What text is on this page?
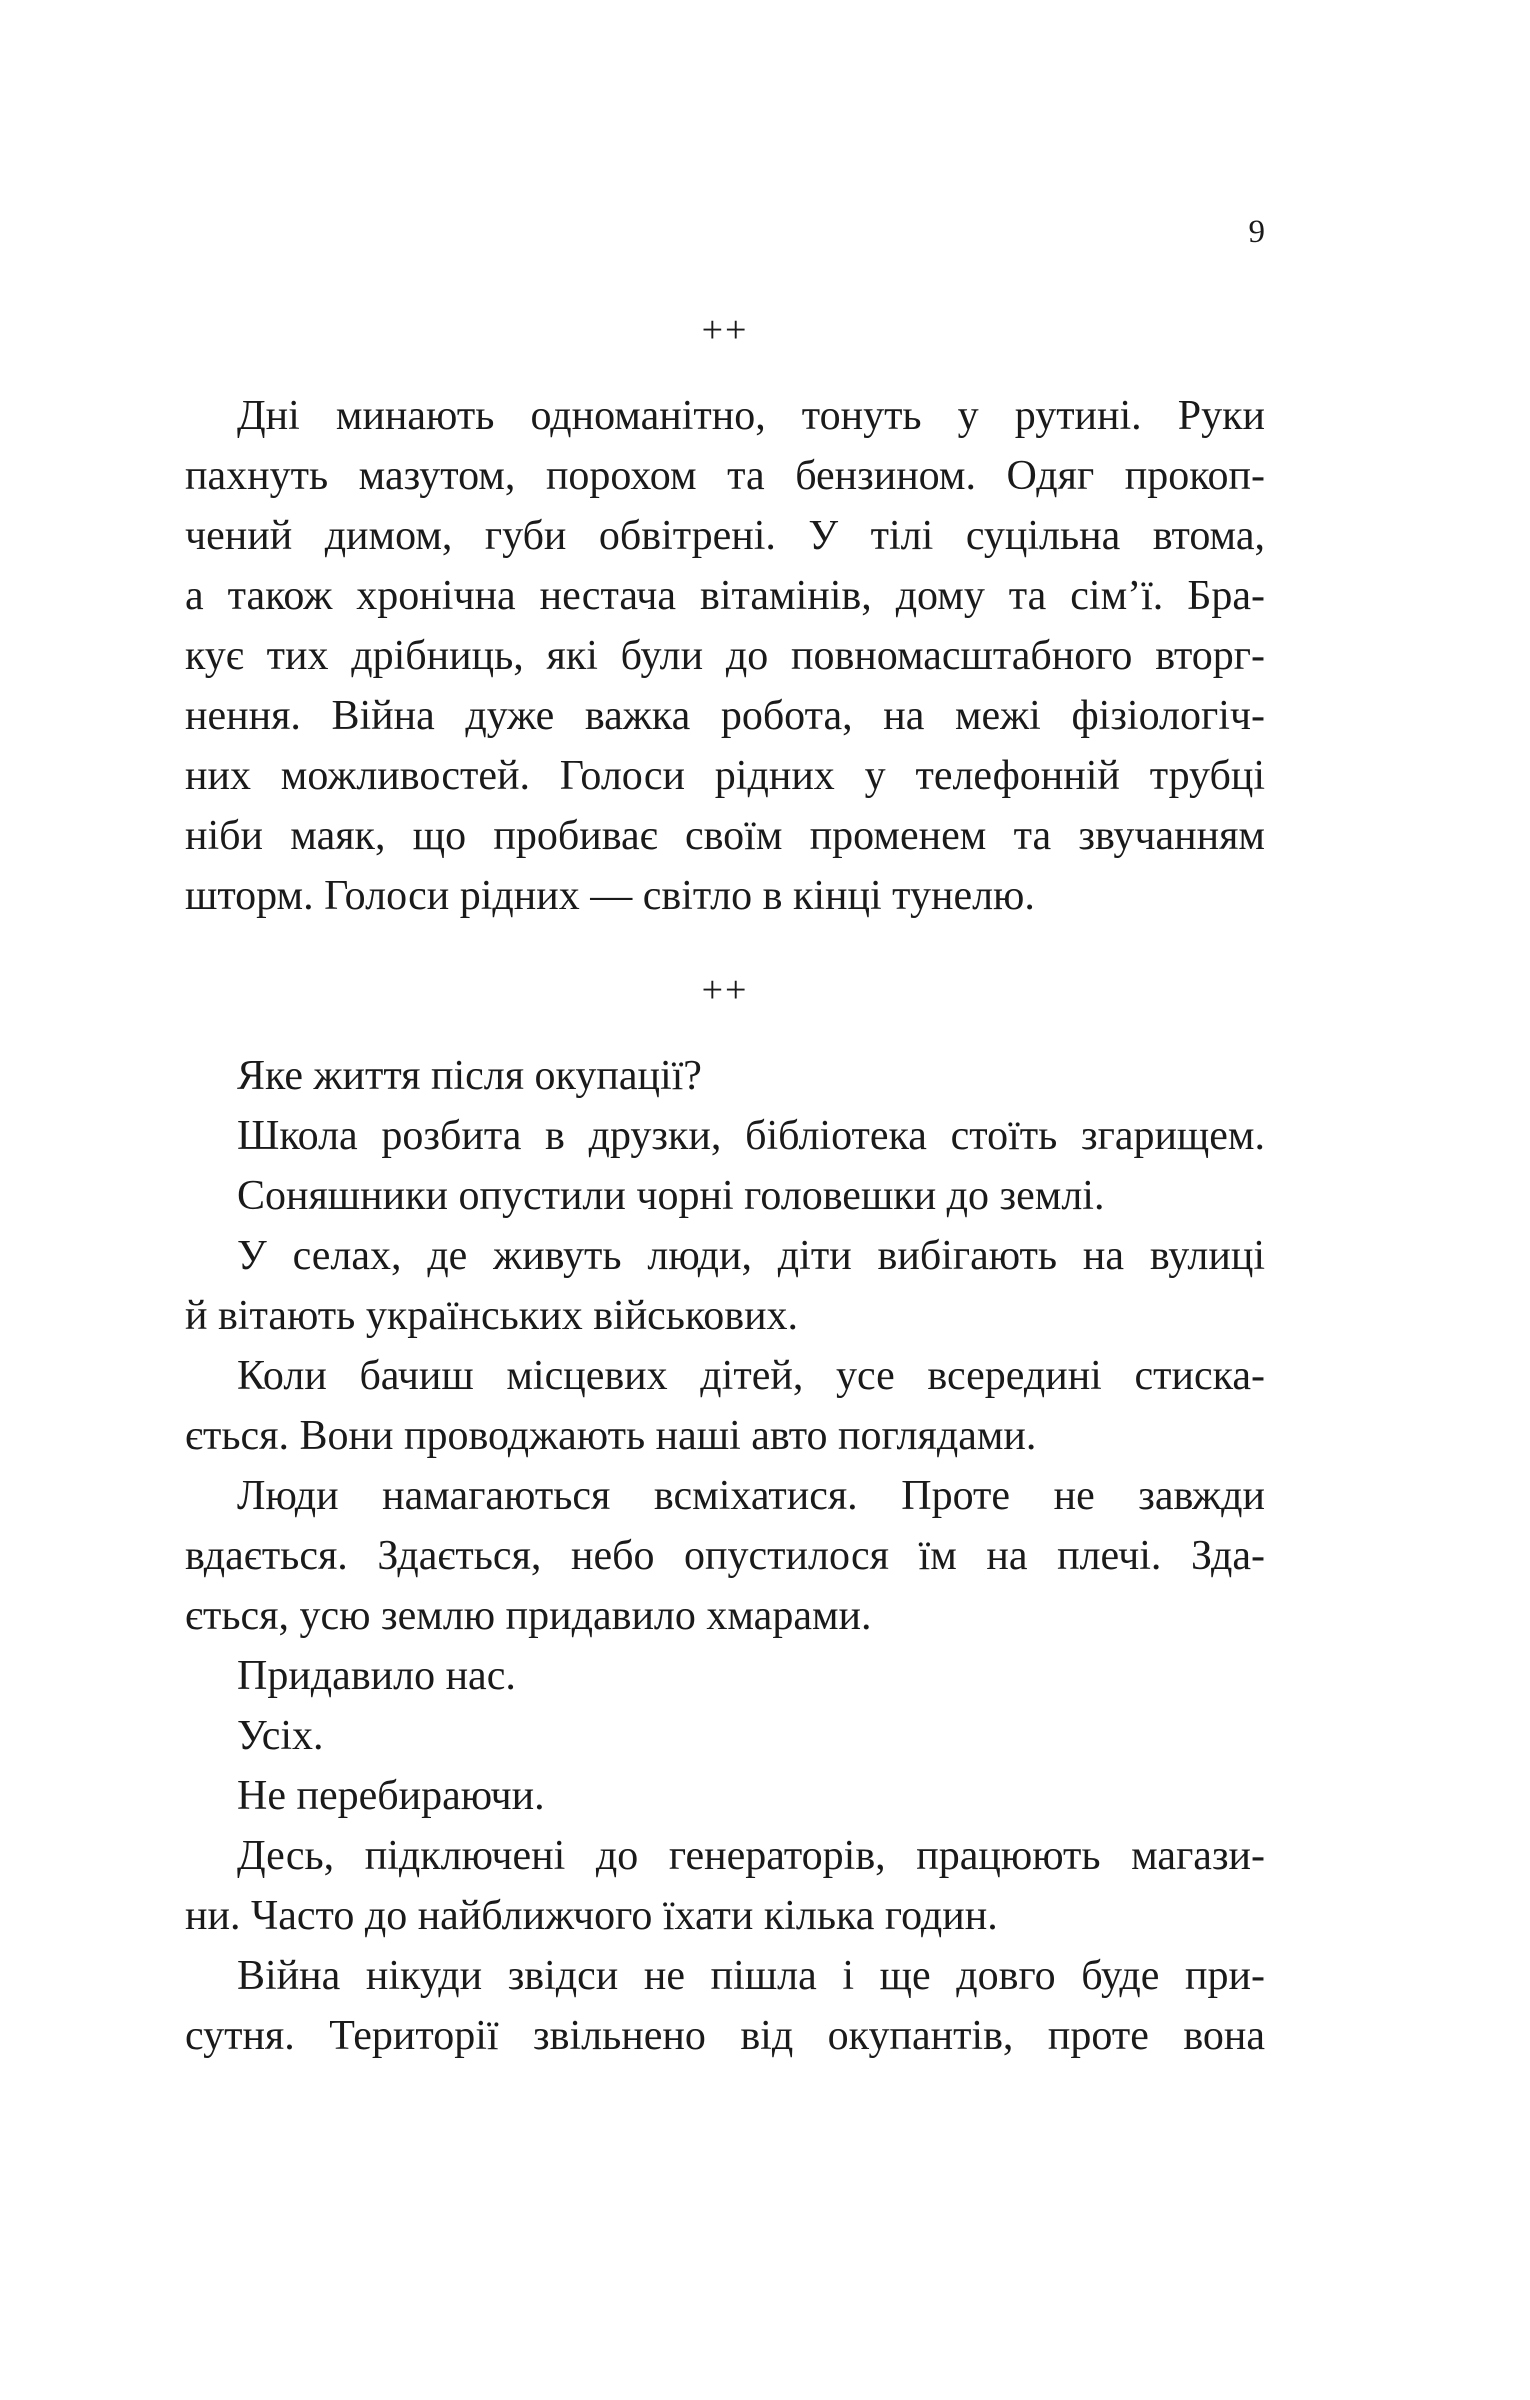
9
++
Дні минають одноманітно, тонуть у рутині. Руки
пахнуть мазутом, порохом та бензином. Одяг прокоп-
чений димом, губи обвітрені. У тілі суцільна втома,
а також хронічна нестача вітамінів, дому та сім’ї. Бра-
кує тих дрібниць, які були до повномасштабного вторг-
нення. Війна дуже важка робота, на межі фізіологіч-
них можливостей. Голоси рідних у телефонній трубці
ніби маяк, що пробиває своїм променем та звучанням
шторм. Голоси рідних — світло в кінці тунелю.
++
Яке життя після окупації?
Школа розбита в друзки, бібліотека стоїть згарищем.
Соняшники опустили чорні головешки до землі.
У селах, де живуть люди, діти вибігають на вулиці
й вітають українських військових.
Коли бачиш місцевих дітей, усе всередині стиска-
ється. Вони проводжають наші авто поглядами.
Люди намагаються всміхатися. Проте не завжди
вдається. Здається, небо опустилося їм на плечі. Зда-
ється, усю землю придавило хмарами.
Придавило нас.
Усіх.
Не перебираючи.
Десь, підключені до генераторів, працюють магази-
ни. Часто до найближчого їхати кілька годин.
Війна нікуди звідси не пішла і ще довго буде при-
сутня. Території звільнено від окупантів, проте вона
